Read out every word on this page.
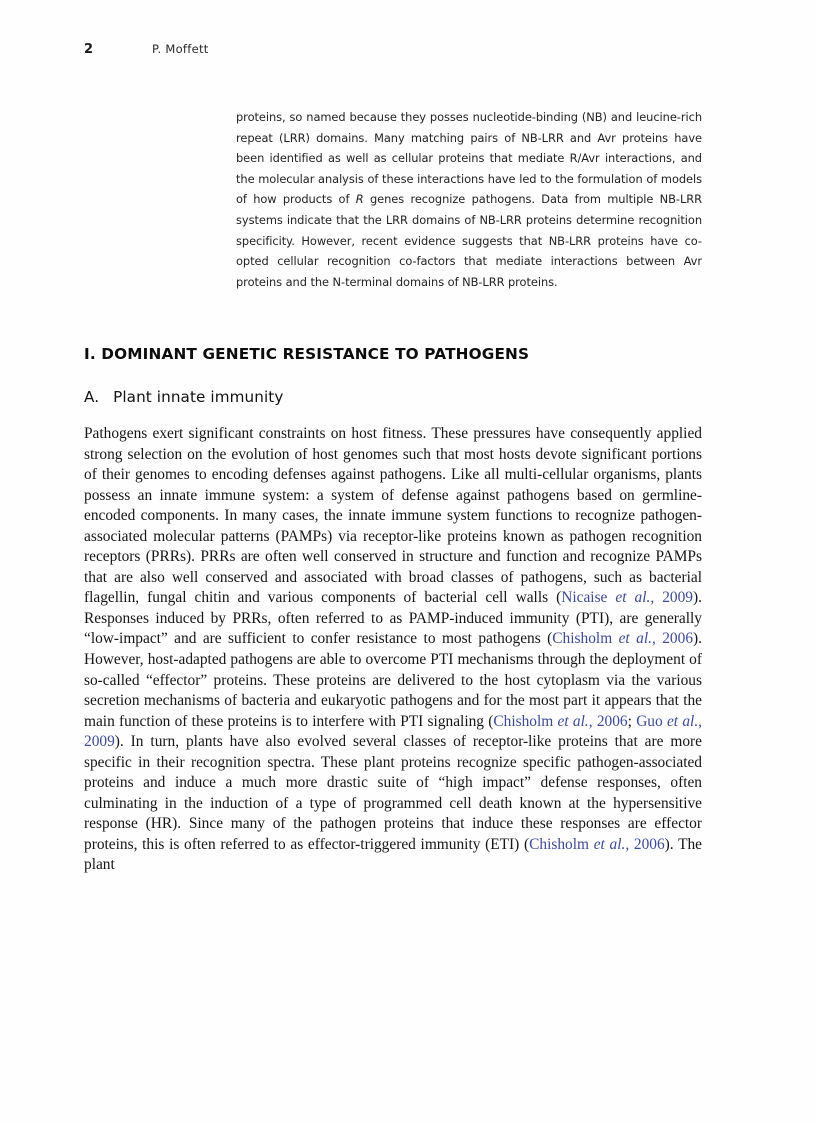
2	P. Moffett
proteins, so named because they posses nucleotide-binding (NB) and leucine-rich repeat (LRR) domains. Many matching pairs of NB-LRR and Avr proteins have been identified as well as cellular proteins that mediate R/Avr interactions, and the molecular analysis of these interactions have led to the formulation of models of how products of R genes recognize pathogens. Data from multiple NB-LRR systems indicate that the LRR domains of NB-LRR proteins determine recognition specificity. However, recent evidence suggests that NB-LRR proteins have co-opted cellular recognition co-factors that mediate interactions between Avr proteins and the N-terminal domains of NB-LRR proteins.
I. DOMINANT GENETIC RESISTANCE TO PATHOGENS
A. Plant innate immunity

Pathogens exert significant constraints on host fitness. These pressures have consequently applied strong selection on the evolution of host genomes such that most hosts devote significant portions of their genomes to encoding defenses against pathogens. Like all multi-cellular organisms, plants possess an innate immune system: a system of defense against pathogens based on germline-encoded components. In many cases, the innate immune system functions to recognize pathogen-associated molecular patterns (PAMPs) via receptor-like proteins known as pathogen recognition receptors (PRRs). PRRs are often well conserved in structure and function and recognize PAMPs that are also well conserved and associated with broad classes of pathogens, such as bacterial flagellin, fungal chitin and various components of bacterial cell walls (Nicaise et al., 2009). Responses induced by PRRs, often referred to as PAMP-induced immunity (PTI), are generally “low-impact” and are sufficient to confer resistance to most pathogens (Chisholm et al., 2006). However, host-adapted pathogens are able to overcome PTI mechanisms through the deployment of so-called “effector” proteins. These proteins are delivered to the host cytoplasm via the various secretion mechanisms of bacteria and eukaryotic pathogens and for the most part it appears that the main function of these proteins is to interfere with PTI signaling (Chisholm et al., 2006; Guo et al., 2009). In turn, plants have also evolved several classes of receptor-like proteins that are more specific in their recognition spectra. These plant proteins recognize specific pathogen-associated proteins and induce a much more drastic suite of “high impact” defense responses, often culminating in the induction of a type of programmed cell death known at the hypersensitive response (HR). Since many of the pathogen proteins that induce these responses are effector proteins, this is often referred to as effector-triggered immunity (ETI) (Chisholm et al., 2006). The plant
